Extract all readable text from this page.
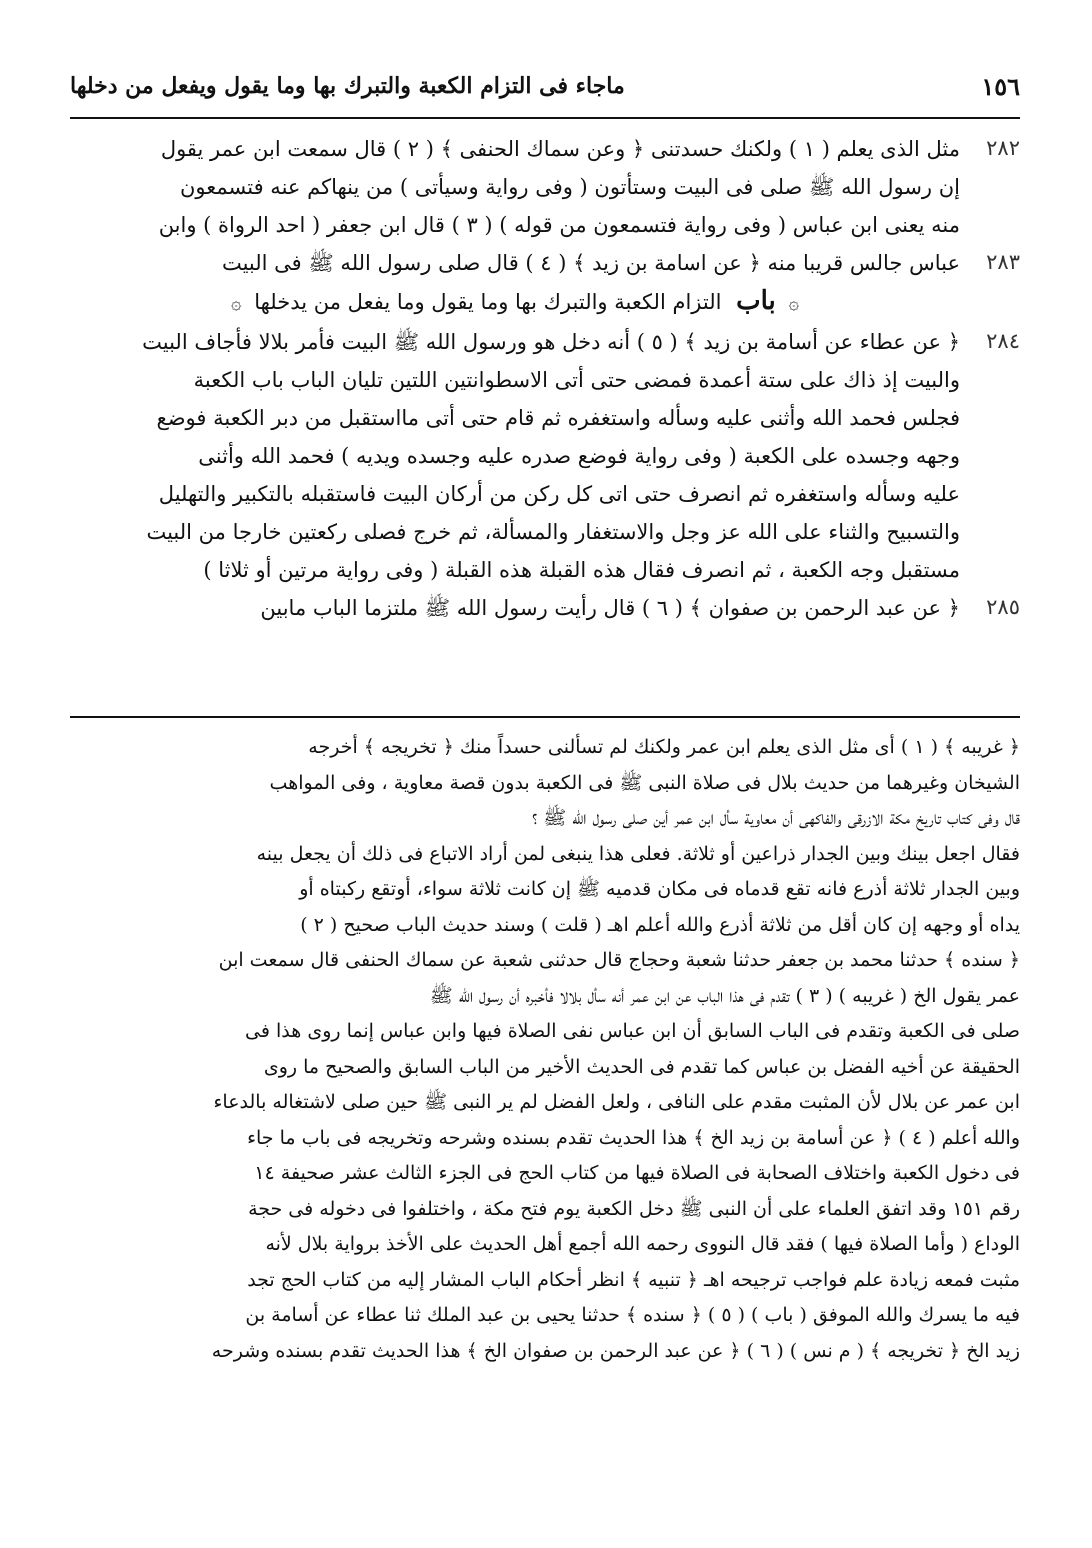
١٥٦
ماجاء فى التزام الكعبة والتبرك بها وما يقول ويفعل من دخلها
٢٨٢
مثل الذى يعلم ( ١ ) ولكنك حسدتنى ﴿ وعن سماك الحنفى ﴾ ( ٢ ) قال سمعت ابن عمر يقول
إن رسول الله ﷺ صلى فى البيت وستأتون ( وفى رواية وسيأتى ) من ينهاكم عنه فتسمعون
منه يعنى ابن عباس ( وفى رواية فتسمعون من قوله ) ( ٣ ) قال ابن جعفر ( احد الرواة ) وابن
٢٨٣
عباس جالس قريبا منه ﴿ عن اسامة بن زيد ﴾ ( ٤ ) قال صلى رسول الله ﷺ فى البيت
۞ باب التزام الكعبة والتبرك بها وما يقول وما يفعل من يدخلها ۞
٢٨٤
﴿ عن عطاء عن أسامة بن زيد ﴾ ( ٥ ) أنه دخل هو ورسول الله ﷺ البيت فأمر بلالا فأجاف البيت
والبيت إذ ذاك على ستة أعمدة فمضى حتى أتى الاسطوانتين اللتين تليان الباب باب الكعبة
فجلس فحمد الله وأثنى عليه وسأله واستغفره ثم قام حتى أتى مااستقبل من دبر الكعبة فوضع
وجهه وجسده على الكعبة ( وفى رواية فوضع صدره عليه وجسده ويديه ) فحمد الله وأثنى
عليه وسأله واستغفره ثم انصرف حتى اتى كل ركن من أركان البيت فاستقبله بالتكبير والتهليل
والتسبيح والثناء على الله عز وجل والاستغفار والمسألة، ثم خرج فصلى ركعتين خارجا من البيت
مستقبل وجه الكعبة ، ثم انصرف فقال هذه القبلة هذه القبلة ( وفى رواية مرتين أو ثلاثا )
٢٨٥
﴿ عن عبد الرحمن بن صفوان ﴾ ( ٦ ) قال رأيت رسول الله ﷺ ملتزما الباب مابين
﴿ غريبه ﴾ ( ١ ) أى مثل الذى يعلم ابن عمر ولكنك لم تسألنى حسداً منك ﴿ تخريجه ﴾ أخرجه
الشيخان وغيرهما من حديث بلال فى صلاة النبى ﷺ فى الكعبة بدون قصة معاوية ، وفى المواهب
قال وفى كتاب تاريخ مكة الازرقى والفاكهى أن معاوية سأل ابن عمر أين صلى رسول الله ﷺ ؟
فقال اجعل بينك وبين الجدار ذراعين أو ثلاثة. فعلى هذا ينبغى لمن أراد الاتباع فى ذلك أن يجعل بينه
وبين الجدار ثلاثة أذرع فانه تقع قدماه فى مكان قدميه ﷺ إن كانت ثلاثة سواء، أوتقع ركبتاه أو
يداه أو وجهه إن كان أقل من ثلاثة أذرع والله أعلم اهـ ( قلت ) وسند حديث الباب صحيح ( ٢ )
﴿ سنده ﴾ حدثنا محمد بن جعفر حدثنا شعبة وحجاج قال حدثنى شعبة عن سماك الحنفى قال سمعت ابن
عمر يقول الخ ( غريبه ) ( ٣ ) تقدم فى هذا الباب عن ابن عمر أنه سأل بلالا فأخبره أن رسول الله ﷺ
صلى فى الكعبة وتقدم فى الباب السابق أن ابن عباس نفى الصلاة فيها وابن عباس إنما روى هذا فى
الحقيقة عن أخيه الفضل بن عباس كما تقدم فى الحديث الأخير من الباب السابق والصحيح ما روى
ابن عمر عن بلال لأن المثبت مقدم على النافى ، ولعل الفضل لم ير النبى ﷺ حين صلى لاشتغاله بالدعاء
والله أعلم ( ٤ ) ﴿ عن أسامة بن زيد الخ ﴾ هذا الحديث تقدم بسنده وشرحه وتخريجه فى باب ما جاء
فى دخول الكعبة واختلاف الصحابة فى الصلاة فيها من كتاب الحج فى الجزء الثالث عشر صحيفة ١٤
رقم ١٥١ وقد اتفق العلماء على أن النبى ﷺ دخل الكعبة يوم فتح مكة ، واختلفوا فى دخوله فى حجة
الوداع ( وأما الصلاة فيها ) فقد قال النووى رحمه الله أجمع أهل الحديث على الأخذ برواية بلال لأنه
مثبت فمعه زيادة علم فواجب ترجيحه اهـ ﴿ تنبيه ﴾ انظر أحكام الباب المشار إليه من كتاب الحج تجد
فيه ما يسرك والله الموفق ( باب ) ( ٥ ) ﴿ سنده ﴾ حدثنا يحيى بن عبد الملك ثنا عطاء عن أسامة بن
زيد الخ ﴿ تخريجه ﴾ ( م نس ) ( ٦ ) ﴿ عن عبد الرحمن بن صفوان الخ ﴾ هذا الحديث تقدم بسنده وشرحه
